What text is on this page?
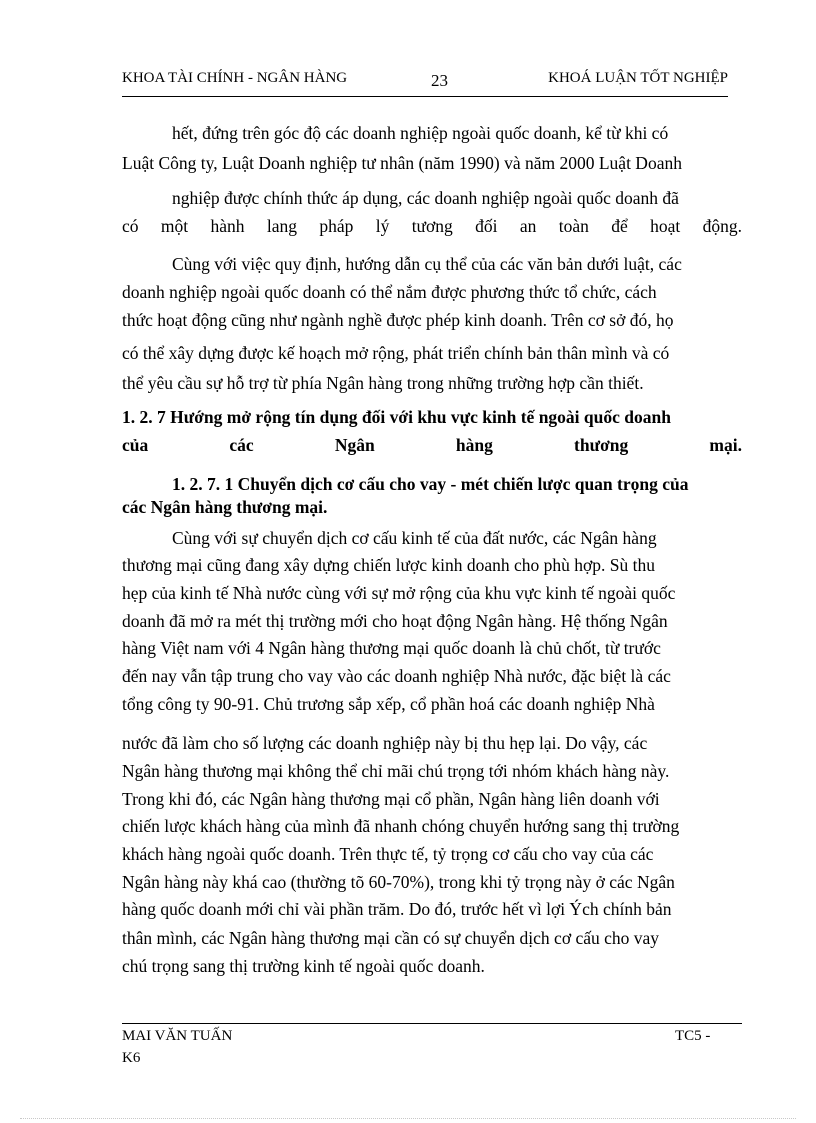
KHOA TÀI CHÍNH - NGÂN HÀNG	23	KHOÁ LUẬN TỐT NGHIỆP
hết, đứng trên góc độ các doanh nghiệp ngoài quốc doanh, kể từ khi có
Luật Công ty, Luật Doanh nghiệp tư nhân (năm 1990) và năm 2000 Luật Doanh
nghiệp được chính thức áp dụng, các doanh nghiệp ngoài quốc doanh đã
có một hành lang pháp lý tương đối an toàn để hoạt động.
Cùng với việc quy định, hướng dẫn cụ thể của các văn bản dưới luật, các
doanh nghiệp ngoài quốc doanh có thể nắm được phương thức tổ chức, cách
thức hoạt động cũng như ngành nghề được phép kinh doanh. Trên cơ sở đó, họ
có thể xây dựng được kế hoạch mở rộng, phát triển chính bản thân mình và có
thể yêu cầu sự hỗ trợ từ phía Ngân hàng trong những trường hợp cần thiết.
1. 2. 7 Hướng mở rộng tín dụng đối với khu vực kinh tế ngoài quốc doanh
của các Ngân hàng thương mại.
1. 2. 7. 1 Chuyển dịch cơ cấu cho vay - mét chiến lược quan trọng của
các Ngân hàng thương mại.
Cùng với sự chuyển dịch cơ cấu kinh tế của đất nước, các Ngân hàng
thương mại cũng đang xây dựng chiến lược kinh doanh cho phù hợp. Sù thu
hẹp của kinh tế Nhà nước cùng với sự mở rộng của khu vực kinh tế ngoài quốc
doanh đã mở ra mét thị trường mới cho hoạt động Ngân hàng. Hệ thống Ngân
hàng Việt nam với 4 Ngân hàng thương mại quốc doanh là chủ chốt, từ trước
đến nay vẫn tập trung cho vay vào các doanh nghiệp Nhà nước, đặc biệt là các
tổng công ty 90-91. Chủ trương sắp xếp, cổ phần hoá các doanh nghiệp Nhà
nước đã làm cho số lượng các doanh nghiệp này bị thu hẹp lại. Do vậy, các
Ngân hàng thương mại không thể chỉ mãi chú trọng tới nhóm khách hàng này.
Trong khi đó, các Ngân hàng thương mại cổ phần, Ngân hàng liên doanh với
chiến lược khách hàng của mình đã nhanh chóng chuyển hướng sang thị trường
khách hàng ngoài quốc doanh. Trên thực tế, tỷ trọng cơ cấu cho vay của các
Ngân hàng này khá cao (thường tõ 60-70%), trong khi tỷ trọng này ở các Ngân
hàng quốc doanh mới chỉ vài phần trăm. Do đó, trước hết vì lợi Ých chính bản
thân mình, các Ngân hàng thương mại cần có sự chuyển dịch cơ cấu cho vay
chú trọng sang thị trường kinh tế ngoài quốc doanh.
MAI VĂN TUẤN	TC5 -
K6
